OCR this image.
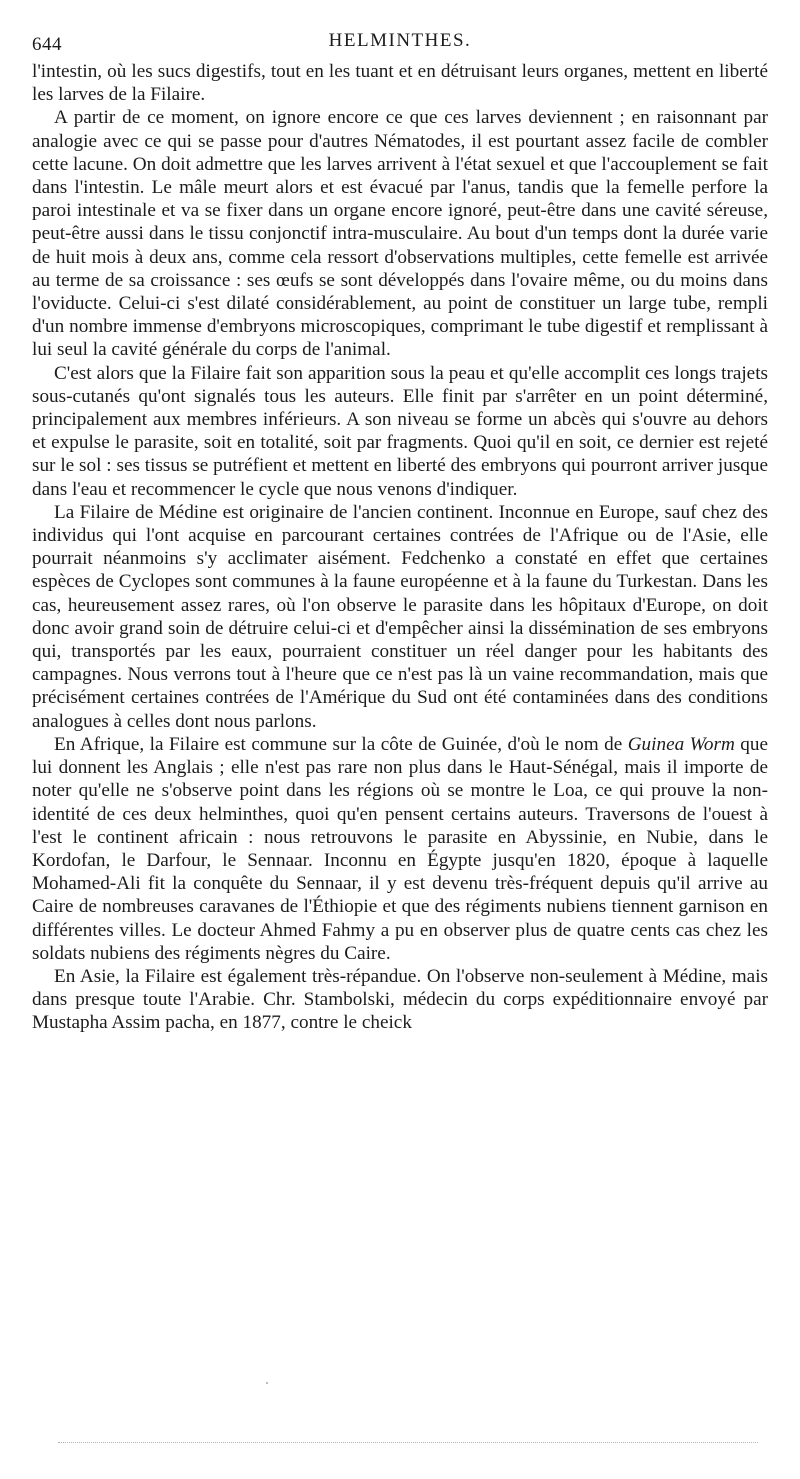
644	HELMINTHES.

l'intestin, où les sucs digestifs, tout en les tuant et en détruisant leurs organes, mettent en liberté les larves de la Filaire.

A partir de ce moment, on ignore encore ce que ces larves deviennent ; en raisonnant par analogie avec ce qui se passe pour d'autres Nématodes, il est pourtant assez facile de combler cette lacune. On doit admettre que les larves arrivent à l'état sexuel et que l'accouplement se fait dans l'intestin. Le mâle meurt alors et est évacué par l'anus, tandis que la femelle perfore la paroi intestinale et va se fixer dans un organe encore ignoré, peut-être dans une cavité séreuse, peut-être aussi dans le tissu conjonctif intra-musculaire. Au bout d'un temps dont la durée varie de huit mois à deux ans, comme cela ressort d'observations multiples, cette femelle est arrivée au terme de sa croissance : ses œufs se sont développés dans l'ovaire même, ou du moins dans l'oviducte. Celui-ci s'est dilaté considérablement, au point de constituer un large tube, rempli d'un nombre immense d'embryons microscopiques, comprimant le tube digestif et remplissant à lui seul la cavité générale du corps de l'animal.

C'est alors que la Filaire fait son apparition sous la peau et qu'elle accomplit ces longs trajets sous-cutanés qu'ont signalés tous les auteurs. Elle finit par s'arrêter en un point déterminé, principalement aux membres inférieurs. A son niveau se forme un abcès qui s'ouvre au dehors et expulse le parasite, soit en totalité, soit par fragments. Quoi qu'il en soit, ce dernier est rejeté sur le sol : ses tissus se putréfient et mettent en liberté des embryons qui pourront arriver jusque dans l'eau et recommencer le cycle que nous venons d'indiquer.

La Filaire de Médine est originaire de l'ancien continent. Inconnue en Europe, sauf chez des individus qui l'ont acquise en parcourant certaines contrées de l'Afrique ou de l'Asie, elle pourrait néanmoins s'y acclimater aisément. Fedchenko a constaté en effet que certaines espèces de Cyclopes sont communes à la faune européenne et à la faune du Turkestan. Dans les cas, heureusement assez rares, où l'on observe le parasite dans les hôpitaux d'Europe, on doit donc avoir grand soin de détruire celui-ci et d'empêcher ainsi la dissémination de ses embryons qui, transportés par les eaux, pourraient constituer un réel danger pour les habitants des campagnes. Nous verrons tout à l'heure que ce n'est pas là un vaine recommandation, mais que précisément certaines contrées de l'Amérique du Sud ont été contaminées dans des conditions analogues à celles dont nous parlons.

En Afrique, la Filaire est commune sur la côte de Guinée, d'où le nom de Guinea Worm que lui donnent les Anglais ; elle n'est pas rare non plus dans le Haut-Sénégal, mais il importe de noter qu'elle ne s'observe point dans les régions où se montre le Loa, ce qui prouve la non-identité de ces deux helminthes, quoi qu'en pensent certains auteurs. Traversons de l'ouest à l'est le continent africain : nous retrouvons le parasite en Abyssinie, en Nubie, dans le Kordofan, le Darfour, le Sennaar. Inconnu en Égypte jusqu'en 1820, époque à laquelle Mohamed-Ali fit la conquête du Sennaar, il y est devenu très-fréquent depuis qu'il arrive au Caire de nombreuses caravanes de l'Éthiopie et que des régiments nubiens tiennent garnison en différentes villes. Le docteur Ahmed Fahmy a pu en observer plus de quatre cents cas chez les soldats nubiens des régiments nègres du Caire.

En Asie, la Filaire est également très-répandue. On l'observe non-seulement à Médine, mais dans presque toute l'Arabie. Chr. Stambolski, médecin du corps expéditionnaire envoyé par Mustapha Assim pacha, en 1877, contre le cheick
